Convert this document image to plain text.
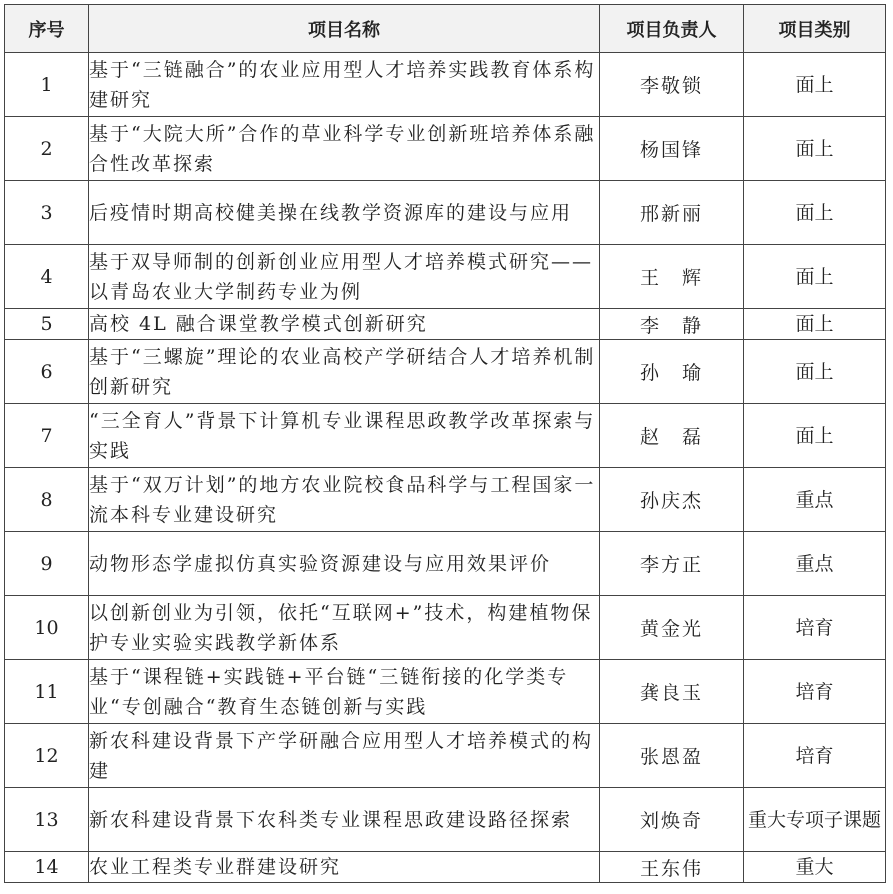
序号	项目名称	项目负责人	项目类别
1	基于“三链融合”的农业应用型人才培养实践教育体系构建研究	李敬锁	面上
2	基于“大院大所”合作的草业科学专业创新班培养体系融合性改革探索	杨国锋	面上
3	后疫情时期高校健美操在线教学资源库的建设与应用	邢新丽	面上
4	基于双导师制的创新创业应用型人才培养模式研究——以青岛农业大学制药专业为例	王　辉	面上
5	高校 4L 融合课堂教学模式创新研究	李　静	面上
6	基于“三螺旋”理论的农业高校产学研结合人才培养机制创新研究	孙　瑜	面上
7	“三全育人”背景下计算机专业课程思政教学改革探索与实践	赵　磊	面上
8	基于“双万计划”的地方农业院校食品科学与工程国家一流本科专业建设研究	孙庆杰	重点
9	动物形态学虚拟仿真实验资源建设与应用效果评价	李方正	重点
10	以创新创业为引领，依托“互联网+”技术，构建植物保护专业实验实践教学新体系	黄金光	培育
11	基于“课程链+实践链+平台链“三链衔接的化学类专业“专创融合“教育生态链创新与实践	龚良玉	培育
12	新农科建设背景下产学研融合应用型人才培养模式的构建	张恩盈	培育
13	新农科建设背景下农科类专业课程思政建设路径探索	刘焕奇	重大专项子课题
14	农业工程类专业群建设研究	王东伟	重大
